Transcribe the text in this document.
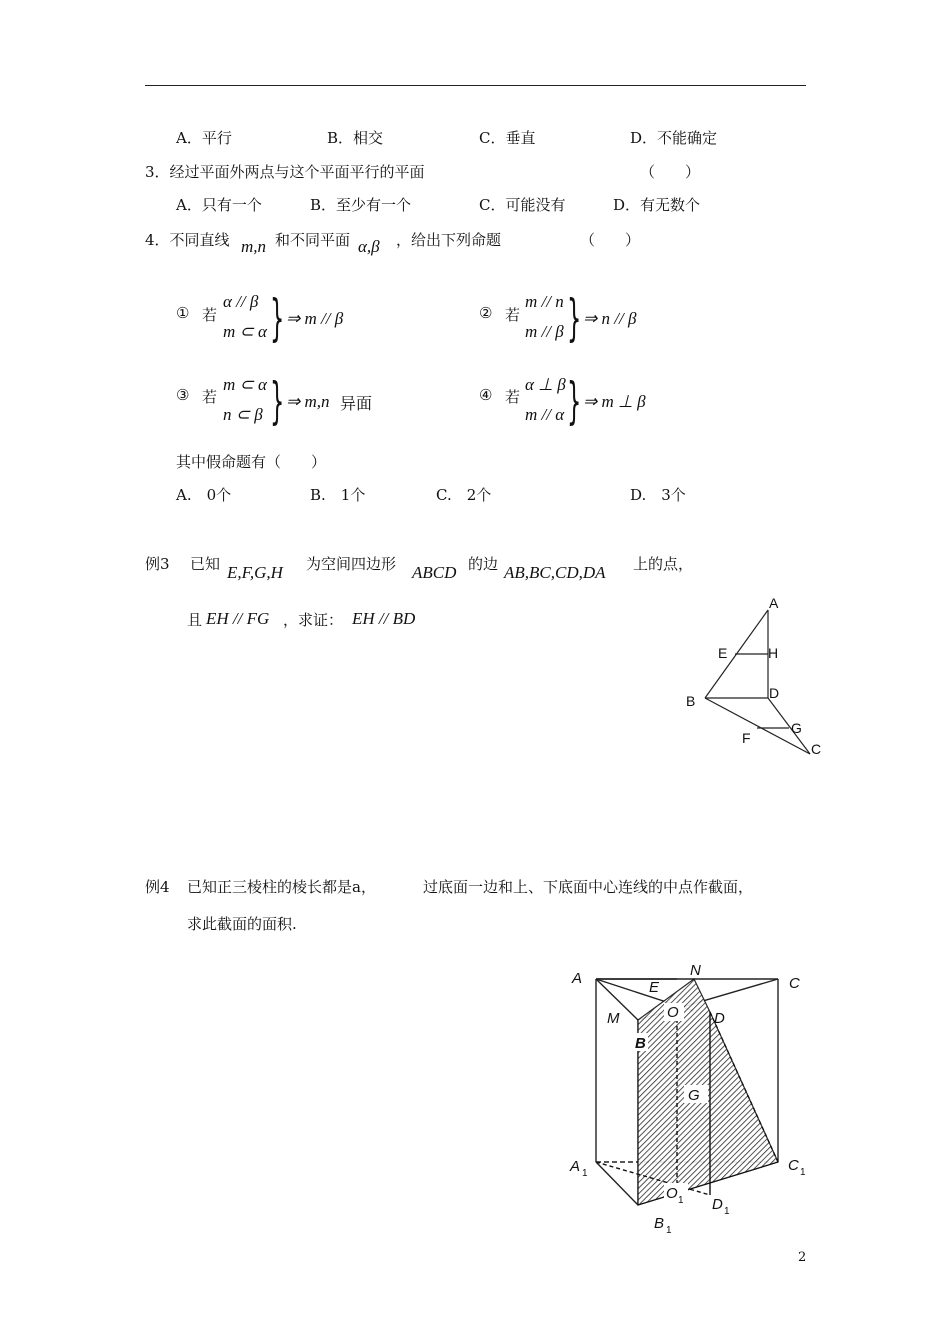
A．平行	B．相交	C．垂直	D．不能确定
3．经过平面外两点与这个平面平行的平面	（　　）
A．只有一个	B．至少有一个	C．可能没有	D．有无数个
4．不同直线 m,n 和不同平面 α,β ，给出下列命题	（　　）
① 若
α // β
m ⊂ α } ⇒ m // β	② 若
m // n
m // β } ⇒ n // β
③ 若
m ⊂ α
n ⊂ β } ⇒ m,n 异面	④ 若
α ⊥ β
m // α } ⇒ m ⊥ β
其中假命题有（　　）
A.　0个	B.　1个	C.　2个	D.　3个
例3 已知 E,F,G,H 为空间四边形 ABCD 的边 AB,BC,CD,DA 上的点，
且 EH // FG ，求证： EH // BD
A
E	H
B	D
G
F
C
例4 已知正三棱柱的棱长都是a，	过底面一边和上、下底面中心连线的中点作截面，
求此截面的面积.
A	N
C
E
O
M	D
B
G
A 1	C 1
O 1 D 1
B 1
2
